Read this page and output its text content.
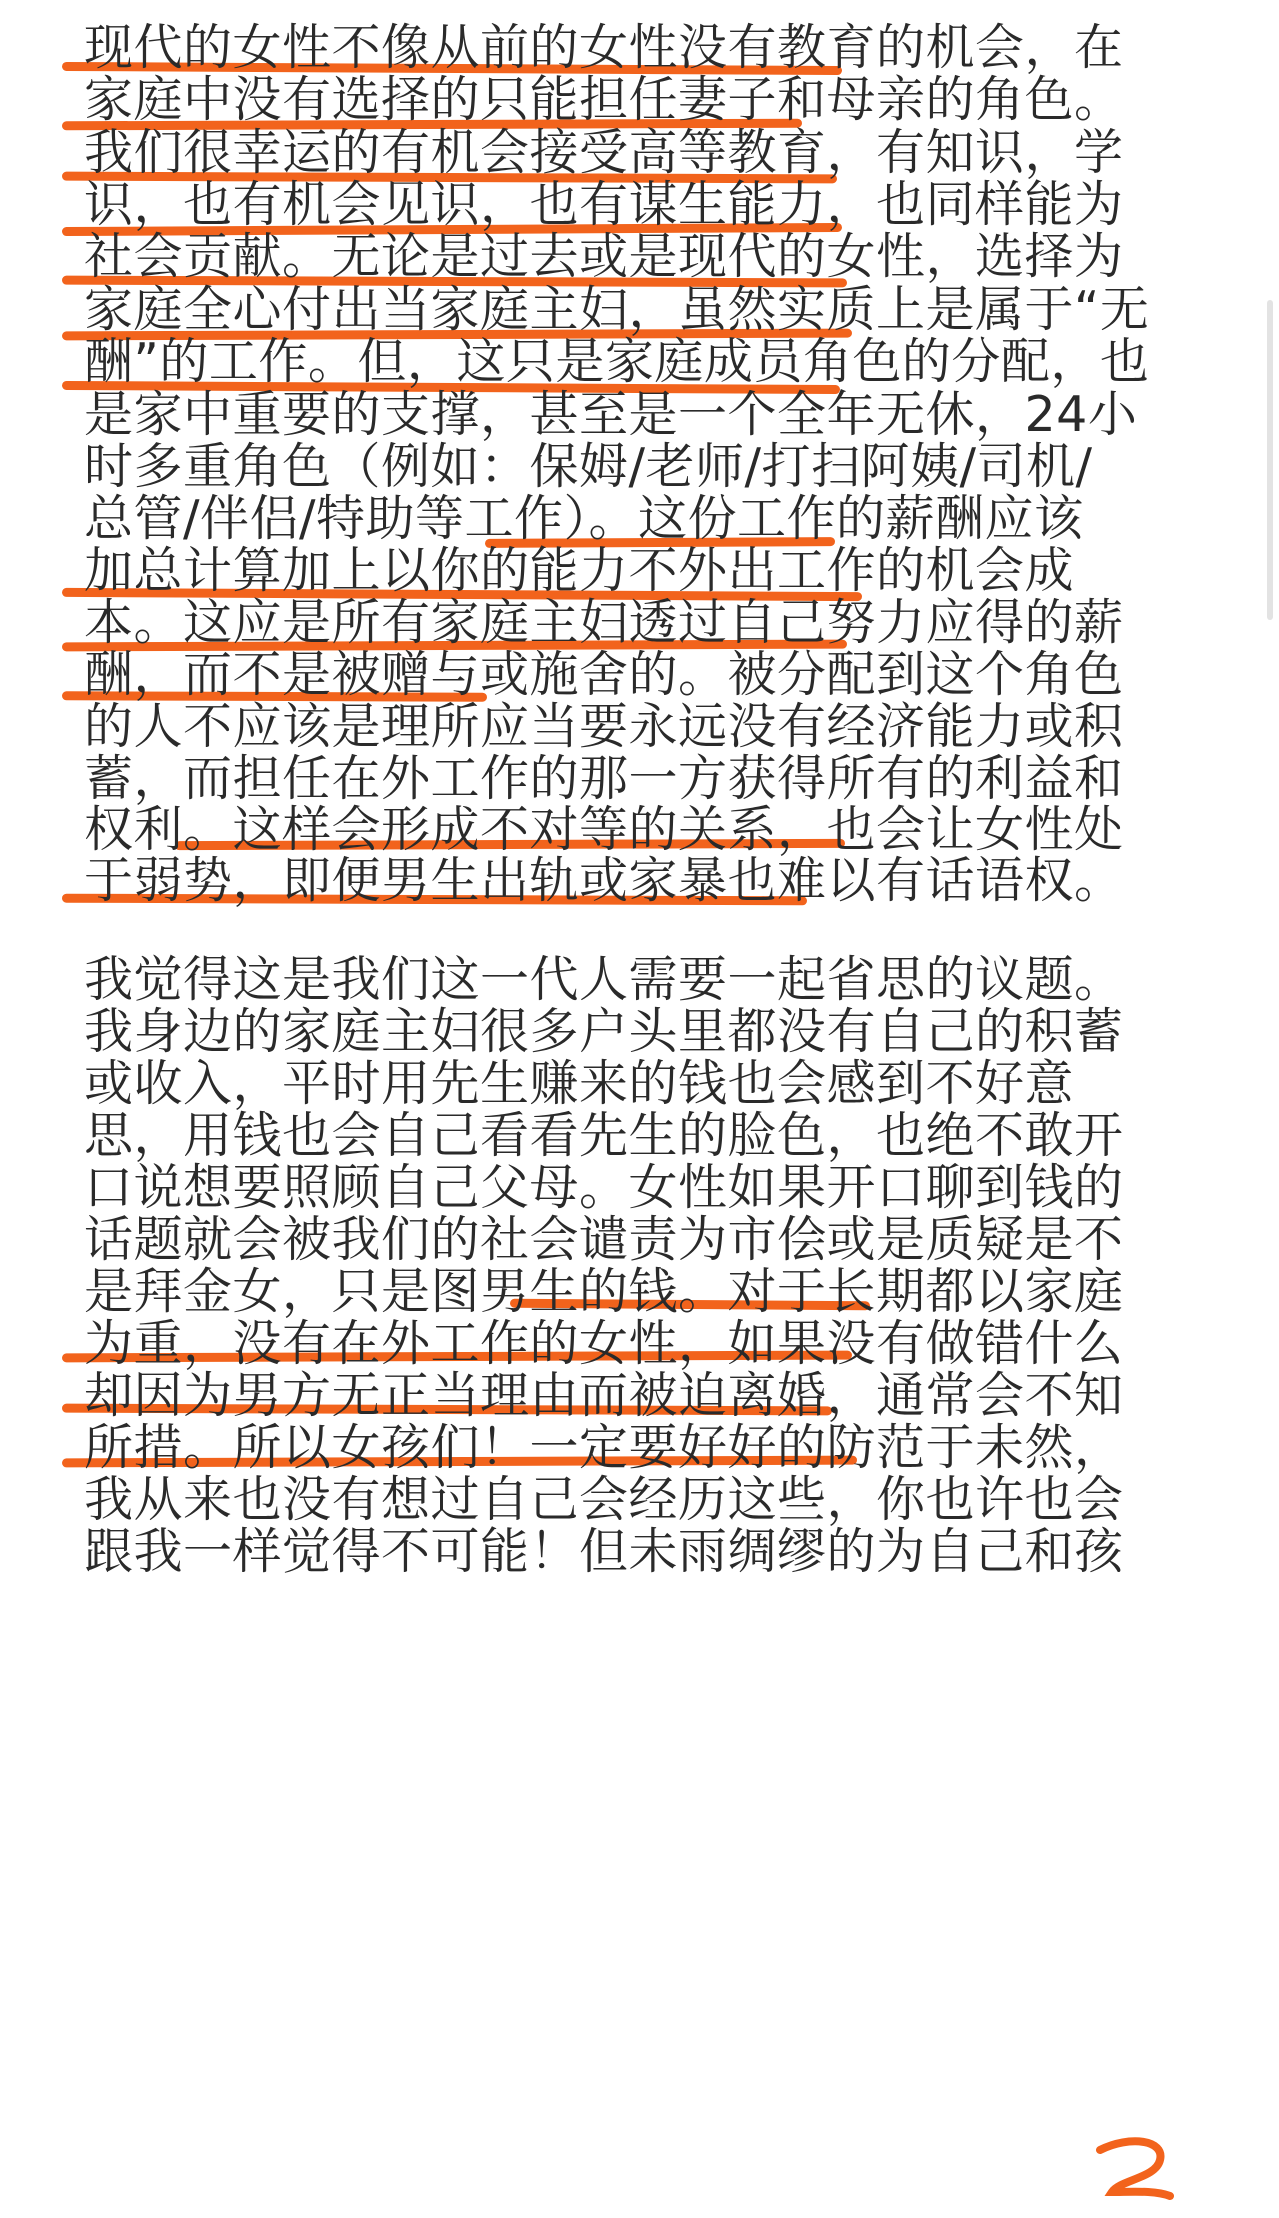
现代的女性不像从前的女性没有教育的机会，在
家庭中没有选择的只能担任妻子和母亲的角色。
我们很幸运的有机会接受高等教育，有知识，学
识，也有机会见识，也有谋生能力，也同样能为
社会贡献。无论是过去或是现代的女性，选择为
家庭全心付出当家庭主妇，虽然实质上是属于“无
酬”的工作。但，这只是家庭成员角色的分配，也
是家中重要的支撑，甚至是一个全年无休，24小
时多重角色（例如：保姆/老师/打扫阿姨/司机/
总管/伴侣/特助等工作）。这份工作的薪酬应该
加总计算加上以你的能力不外出工作的机会成
本。这应是所有家庭主妇透过自己努力应得的薪
酬，而不是被赠与或施舍的。被分配到这个角色
的人不应该是理所应当要永远没有经济能力或积
蓄，而担任在外工作的那一方获得所有的利益和
权利。这样会形成不对等的关系，也会让女性处
于弱势，即便男生出轨或家暴也难以有话语权。
我觉得这是我们这一代人需要一起省思的议题。
我身边的家庭主妇很多户头里都没有自己的积蓄
或收入，平时用先生赚来的钱也会感到不好意
思，用钱也会自己看看先生的脸色，也绝不敢开
口说想要照顾自己父母。女性如果开口聊到钱的
话题就会被我们的社会谴责为市侩或是质疑是不
是拜金女，只是图男生的钱。对于长期都以家庭
为重，没有在外工作的女性，如果没有做错什么
却因为男方无正当理由而被迫离婚，通常会不知
所措。所以女孩们！一定要好好的防范于未然，
我从来也没有想过自己会经历这些，你也许也会
跟我一样觉得不可能！但未雨绸缪的为自己和孩
